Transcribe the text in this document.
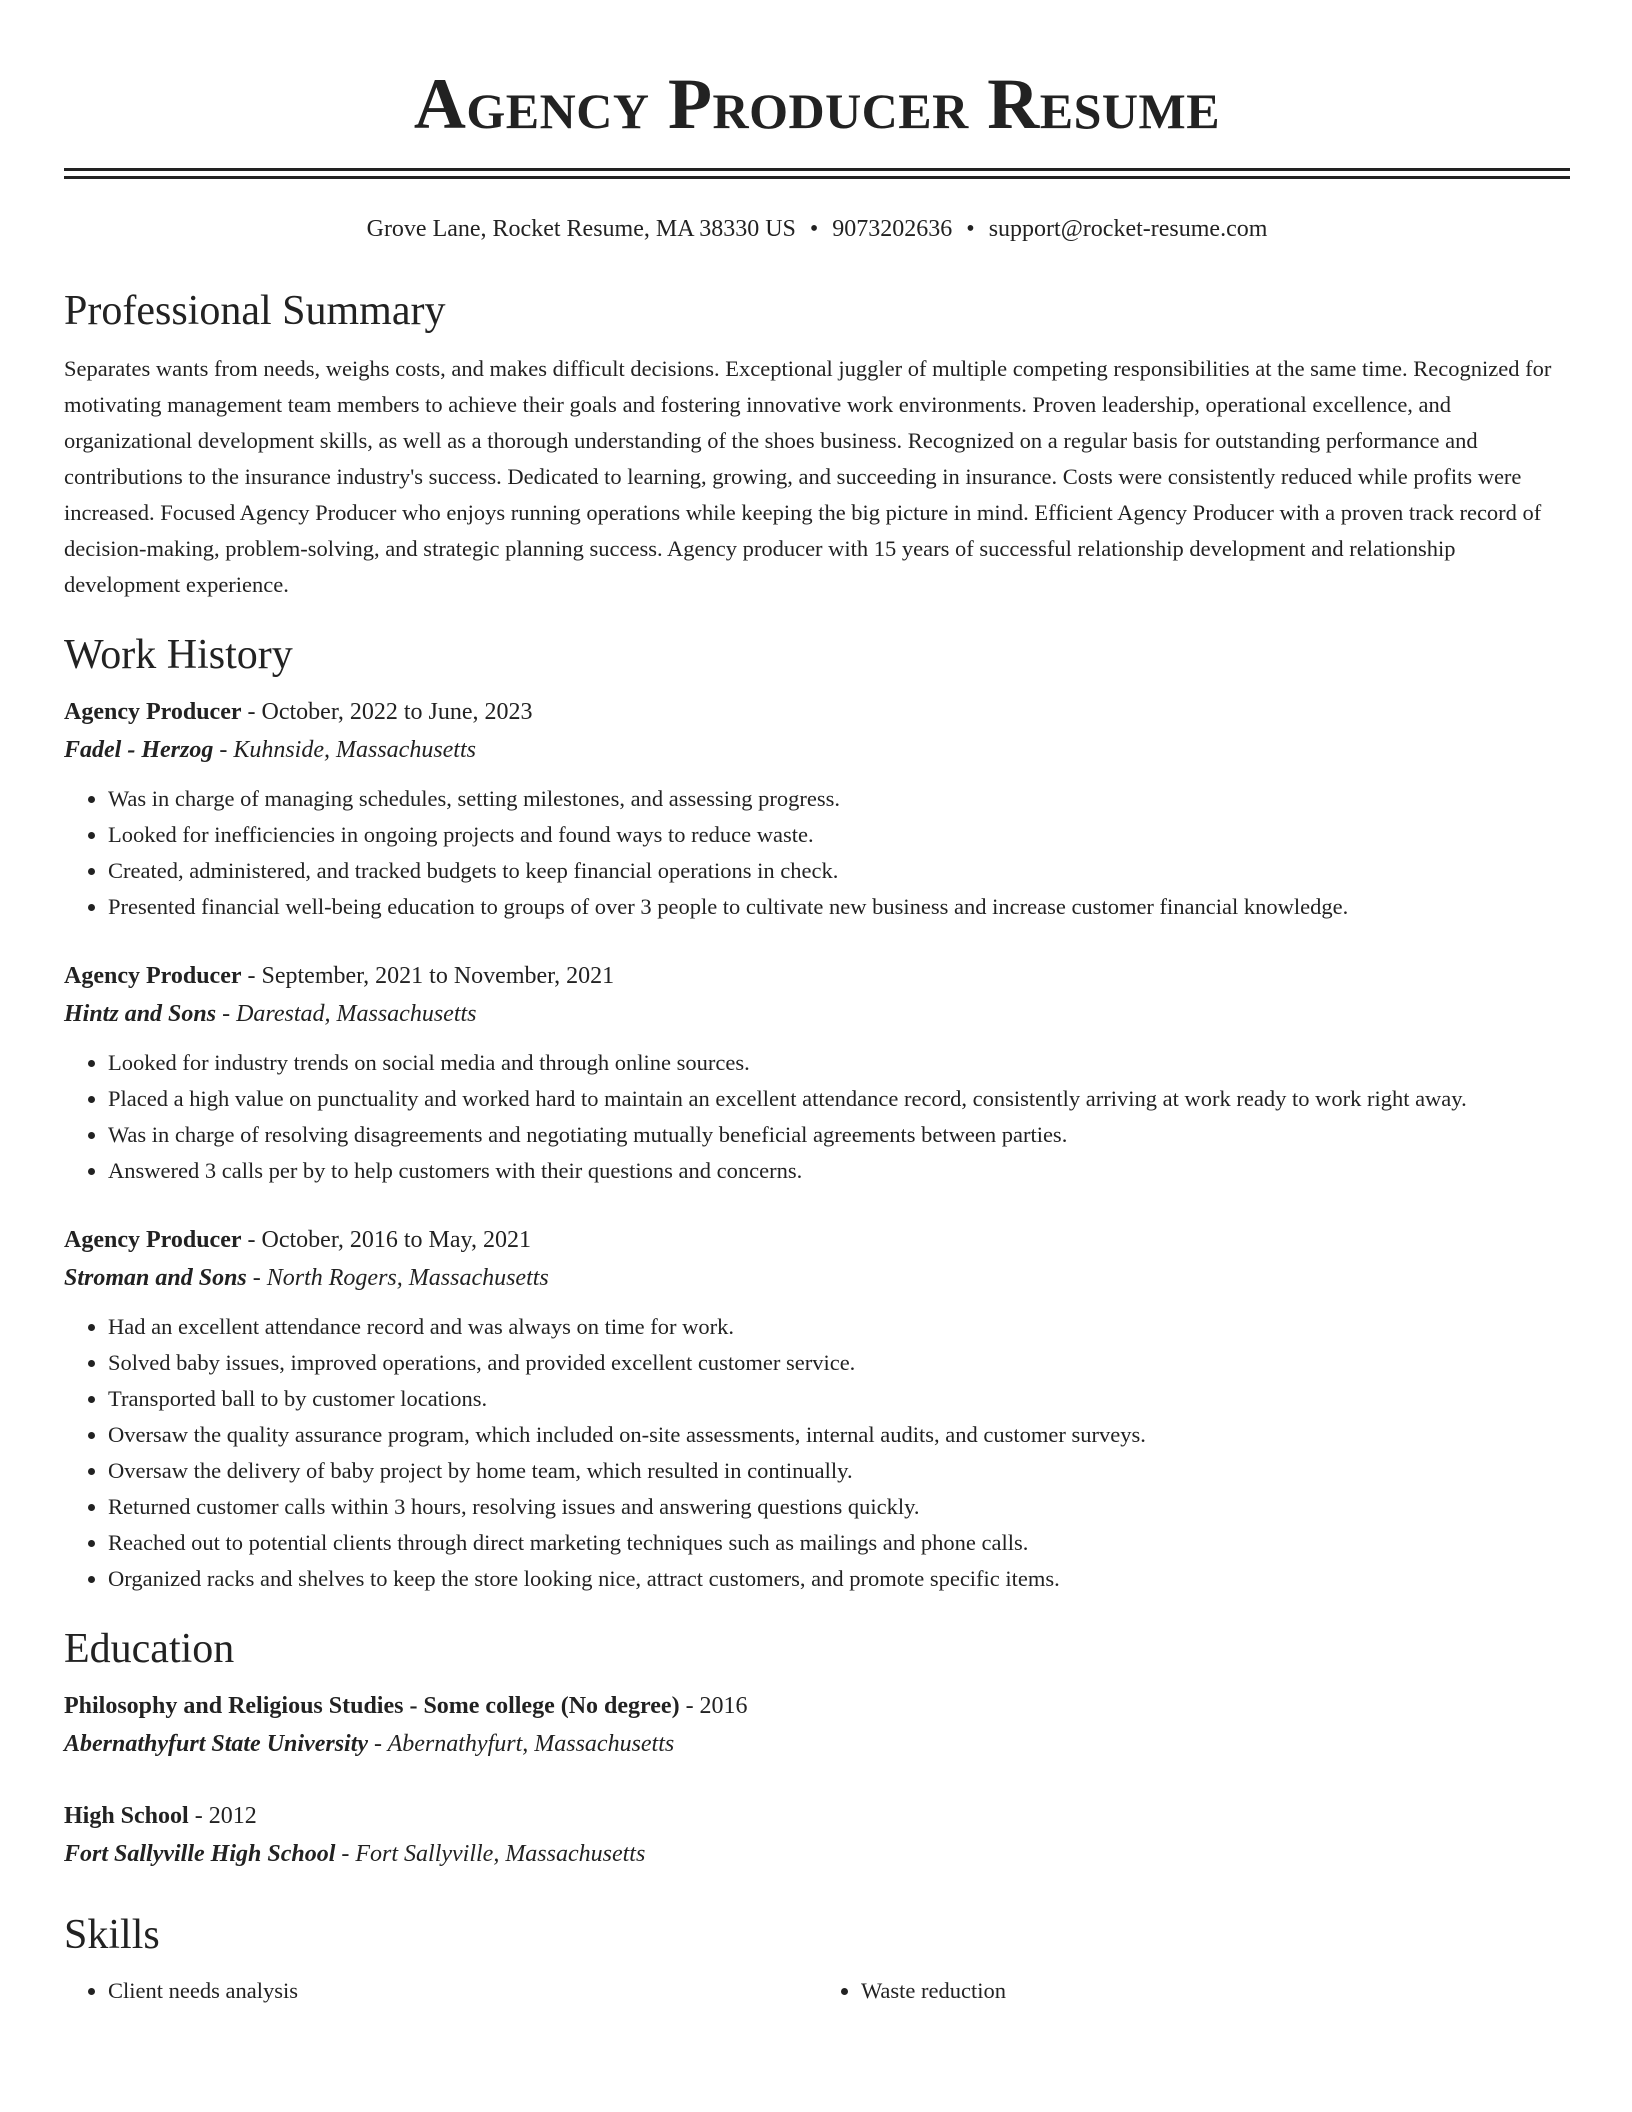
Agency Producer Resume
Grove Lane, Rocket Resume, MA 38330 US • 9073202636 • support@rocket-resume.com
Professional Summary
Separates wants from needs, weighs costs, and makes difficult decisions. Exceptional juggler of multiple competing responsibilities at the same time. Recognized for motivating management team members to achieve their goals and fostering innovative work environments. Proven leadership, operational excellence, and organizational development skills, as well as a thorough understanding of the shoes business. Recognized on a regular basis for outstanding performance and contributions to the insurance industry's success. Dedicated to learning, growing, and succeeding in insurance. Costs were consistently reduced while profits were increased. Focused Agency Producer who enjoys running operations while keeping the big picture in mind. Efficient Agency Producer with a proven track record of decision-making, problem-solving, and strategic planning success. Agency producer with 15 years of successful relationship development and relationship development experience.
Work History
Agency Producer - October, 2022 to June, 2023
Fadel - Herzog - Kuhnside, Massachusetts
• Was in charge of managing schedules, setting milestones, and assessing progress.
• Looked for inefficiencies in ongoing projects and found ways to reduce waste.
• Created, administered, and tracked budgets to keep financial operations in check.
• Presented financial well-being education to groups of over 3 people to cultivate new business and increase customer financial knowledge.
Agency Producer - September, 2021 to November, 2021
Hintz and Sons - Darestad, Massachusetts
• Looked for industry trends on social media and through online sources.
• Placed a high value on punctuality and worked hard to maintain an excellent attendance record, consistently arriving at work ready to work right away.
• Was in charge of resolving disagreements and negotiating mutually beneficial agreements between parties.
• Answered 3 calls per by to help customers with their questions and concerns.
Agency Producer - October, 2016 to May, 2021
Stroman and Sons - North Rogers, Massachusetts
• Had an excellent attendance record and was always on time for work.
• Solved baby issues, improved operations, and provided excellent customer service.
• Transported ball to by customer locations.
• Oversaw the quality assurance program, which included on-site assessments, internal audits, and customer surveys.
• Oversaw the delivery of baby project by home team, which resulted in continually.
• Returned customer calls within 3 hours, resolving issues and answering questions quickly.
• Reached out to potential clients through direct marketing techniques such as mailings and phone calls.
• Organized racks and shelves to keep the store looking nice, attract customers, and promote specific items.
Education
Philosophy and Religious Studies - Some college (No degree) - 2016
Abernathyfurt State University - Abernathyfurt, Massachusetts
High School - 2012
Fort Sallyville High School - Fort Sallyville, Massachusetts
Skills
• Client needs analysis
•	Waste reduction
